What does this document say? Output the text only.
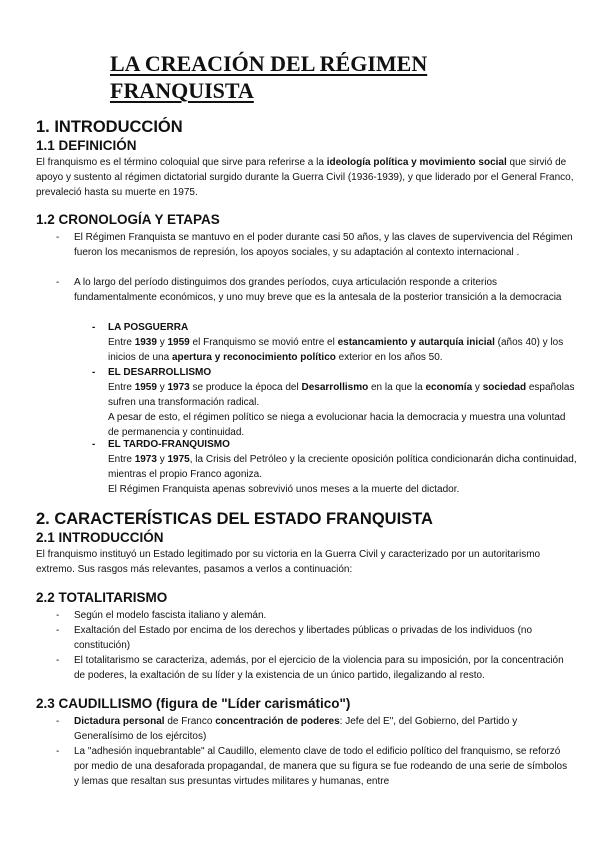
LA CREACIÓN DEL RÉGIMEN FRANQUISTA
1. INTRODUCCIÓN
1.1 DEFINICIÓN
El franquismo es el término coloquial que sirve para referirse a la ideología política y movimiento social que sirvió de apoyo y sustento al régimen dictatorial surgido durante la Guerra Civil (1936-1939), y que liderado por el General Franco, prevaleció hasta su muerte en 1975.
1.2 CRONOLOGÍA Y ETAPAS
- El Régimen Franquista se mantuvo en el poder durante casi 50 años, y las claves de supervivencia del Régimen fueron los mecanismos de represión, los apoyos sociales, y su adaptación al contexto internacional .
- A lo largo del período distinguimos dos grandes períodos, cuya articulación responde a criterios fundamentalmente económicos, y uno muy breve que es la antesala de la posterior transición a la democracia
- LA POSGUERRA
Entre 1939 y 1959 el Franquismo se movió entre el estancamiento y autarquía inicial (años 40) y los inicios de una apertura y reconocimiento político exterior en los años 50.
- EL DESARROLLISMO
Entre 1959 y 1973 se produce la época del Desarrollismo en la que la economía y sociedad españolas sufren una transformación radical.
A pesar de esto, el régimen político se niega a evolucionar hacia la democracia y muestra una voluntad de permanencia y continuidad.
- EL TARDO-FRANQUISMO
Entre 1973 y 1975, la Crisis del Petróleo y la creciente oposición política condicionarán dicha continuidad, mientras el propio Franco agoniza.
El Régimen Franquista apenas sobrevivió unos meses a la muerte del dictador.
2. CARACTERÍSTICAS DEL ESTADO FRANQUISTA
2.1 INTRODUCCIÓN
El franquismo instituyó un Estado legitimado por su victoria en la Guerra Civil y caracterizado por un autoritarismo extremo. Sus rasgos más relevantes, pasamos a verlos a continuación:
2.2 TOTALITARISMO
- Según el modelo fascista italiano y alemán.
- Exaltación del Estado por encima de los derechos y libertades públicas o privadas de los individuos (no constitución)
- El totalitarismo se caracteriza, además, por el ejercicio de la violencia para su imposición, por la concentración de poderes, la exaltación de su líder y la existencia de un único partido, ilegalizando al resto.
2.3 CAUDILLISMO (figura de "Líder carismático")
- Dictadura personal de Franco concentración de poderes: Jefe del E", del Gobierno, del Partido y Generalísimo de los ejércitos)
- La "adhesión inquebrantable" al Caudillo, elemento clave de todo el edificio político del franquismo, se reforzó por medio de una desaforada propagandaI, de manera que su figura se fue rodeando de una serie de símbolos y lemas que resaltan sus presuntas virtudes militares y humanas, entre
